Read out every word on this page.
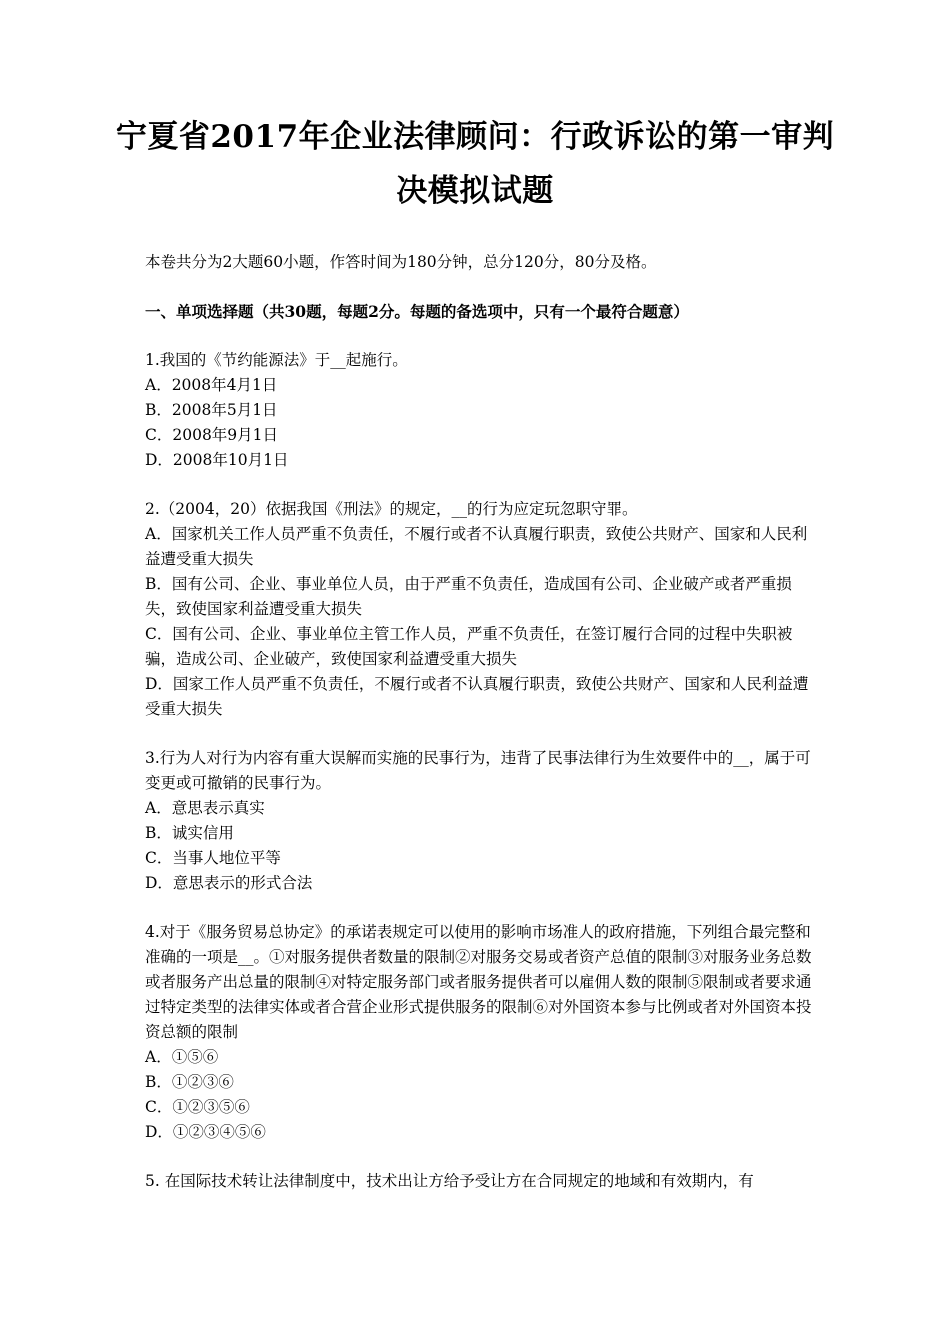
宁夏省2017年企业法律顾问：行政诉讼的第一审判
决模拟试题

本卷共分为2大题60小题，作答时间为180分钟，总分120分，80分及格。

一、单项选择题（共30题，每题2分。每题的备选项中，只有一个最符合题意）

1.我国的《节约能源法》于__起施行。

A．2008年4月1日

B．2008年5月1日

C．2008年9月1日

D．2008年10月1日

2.（2004，20）依据我国《刑法》的规定，__的行为应定玩忽职守罪。

A．国家机关工作人员严重不负责任，不履行或者不认真履行职责，致使公共财产、国家和人民利益遭受重大损失

B．国有公司、企业、事业单位人员，由于严重不负责任，造成国有公司、企业破产或者严重损失，致使国家利益遭受重大损失

C．国有公司、企业、事业单位主管工作人员，严重不负责任，在签订履行合同的过程中失职被骗，造成公司、企业破产，致使国家利益遭受重大损失

D．国家工作人员严重不负责任，不履行或者不认真履行职责，致使公共财产、国家和人民利益遭受重大损失

3.行为人对行为内容有重大误解而实施的民事行为，违背了民事法律行为生效要件中的__，属于可变更或可撤销的民事行为。

A．意思表示真实

B．诚实信用

C．当事人地位平等

D．意思表示的形式合法

4.对于《服务贸易总协定》的承诺表规定可以使用的影响市场准人的政府措施，下列组合最完整和准确的一项是__。①对服务提供者数量的限制②对服务交易或者资产总值的限制③对服务业务总数或者服务产出总量的限制④对特定服务部门或者服务提供者可以雇佣人数的限制⑤限制或者要求通过特定类型的法律实体或者合营企业形式提供服务的限制⑥对外国资本参与比例或者对外国资本投资总额的限制

A．①⑤⑥

B．①②③⑥

C．①②③⑤⑥

D．①②③④⑤⑥

5. 在国际技术转让法律制度中，技术出让方给予受让方在合同规定的地域和有效期内，有
